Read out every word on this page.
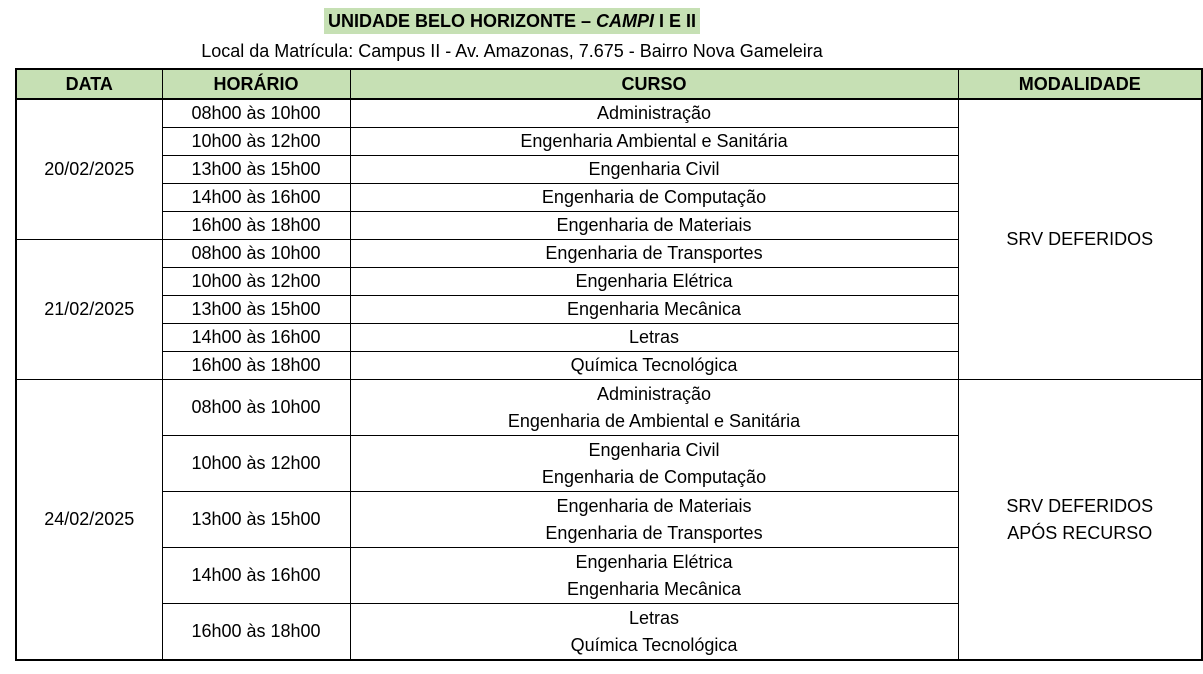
UNIDADE BELO HORIZONTE – CAMPI I E II
Local da Matrícula: Campus II - Av. Amazonas, 7.675 - Bairro Nova Gameleira
DATA	HORÁRIO	CURSO	MODALIDADE
20/02/2025	08h00 às 10h00	Administração	SRV DEFERIDOS
	10h00 às 12h00	Engenharia Ambiental e Sanitária	

	13h00 às 15h00	Engenharia Civil	

	14h00 às 16h00	Engenharia de Computação	

	16h00 às 18h00	Engenharia de Materiais	

21/02/2025	08h00 às 10h00	Engenharia de Transportes	

	10h00 às 12h00	Engenharia Elétrica	

	13h00 às 15h00	Engenharia Mecânica	

	14h00 às 16h00	Letras	

	16h00 às 18h00	Química Tecnológica	

24/02/2025	08h00 às 10h00	Administração
Engenharia de Ambiental e Sanitária	SRV DEFERIDOS APÓS RECURSO
	10h00 às 12h00	Engenharia Civil
Engenharia de Computação	

	13h00 às 15h00	Engenharia de Materiais
Engenharia de Transportes	

	14h00 às 16h00	Engenharia Elétrica
Engenharia Mecânica	

	16h00 às 18h00	Letras
Química Tecnológica	
